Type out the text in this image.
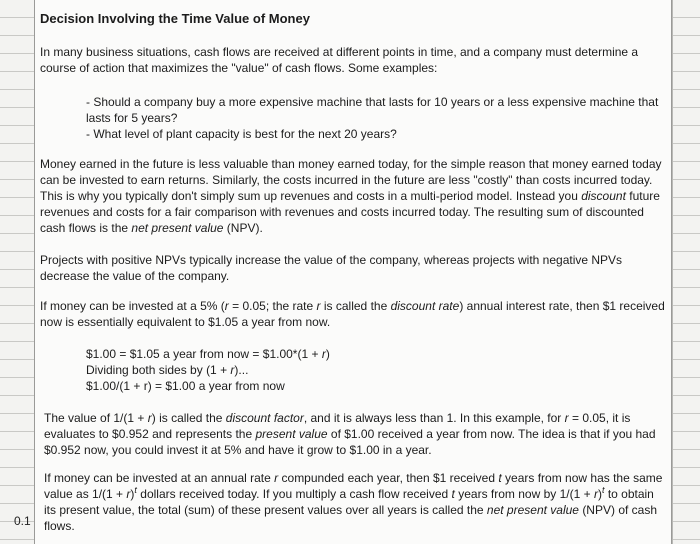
0.1
Decision Involving the Time Value of Money
In many business situations, cash flows are received at different points in time, and a company must determine a
course of action that maximizes the "value" of cash flows. Some examples:
- Should a company buy a more expensive machine that lasts for 10 years or a less expensive machine that
lasts for 5 years?
- What level of plant capacity is best for the next 20 years?
Money earned in the future is less valuable than money earned today, for the simple reason that money earned today
can be invested to earn returns. Similarly, the costs incurred in the future are less "costly" than costs incurred today.
This is why you typically don't simply sum up revenues and costs in a multi-period model. Instead you discount future
revenues and costs for a fair comparison with revenues and costs incurred today. The resulting sum of discounted
cash flows is the net present value (NPV).
Projects with positive NPVs typically increase the value of the company, whereas projects with negative NPVs
decrease the value of the company.
If money can be invested at a 5% (r = 0.05; the rate r is called the discount rate) annual interest rate, then $1 received
now is essentially equivalent to $1.05 a year from now.
$1.00 = $1.05 a year from now = $1.00*(1 + r)
Dividing both sides by (1 + r)...
$1.00/(1 + r) = $1.00 a year from now
The value of 1/(1 + r) is called the discount factor, and it is always less than 1. In this example, for r = 0.05, it is
evaluates to $0.952 and represents the present value of $1.00 received a year from now. The idea is that if you had
$0.952 now, you could invest it at 5% and have it grow to $1.00 in a year.
If money can be invested at an annual rate r compunded each year, then $1 received t years from now has the same
value as $1/(1 + r)^t$ dollars received today. If you multiply a cash flow received t years from now by $1/(1 + r)^t$ to obtain
its present value, the total (sum) of these present values over all years is called the net present value (NPV) of cash
flows.
